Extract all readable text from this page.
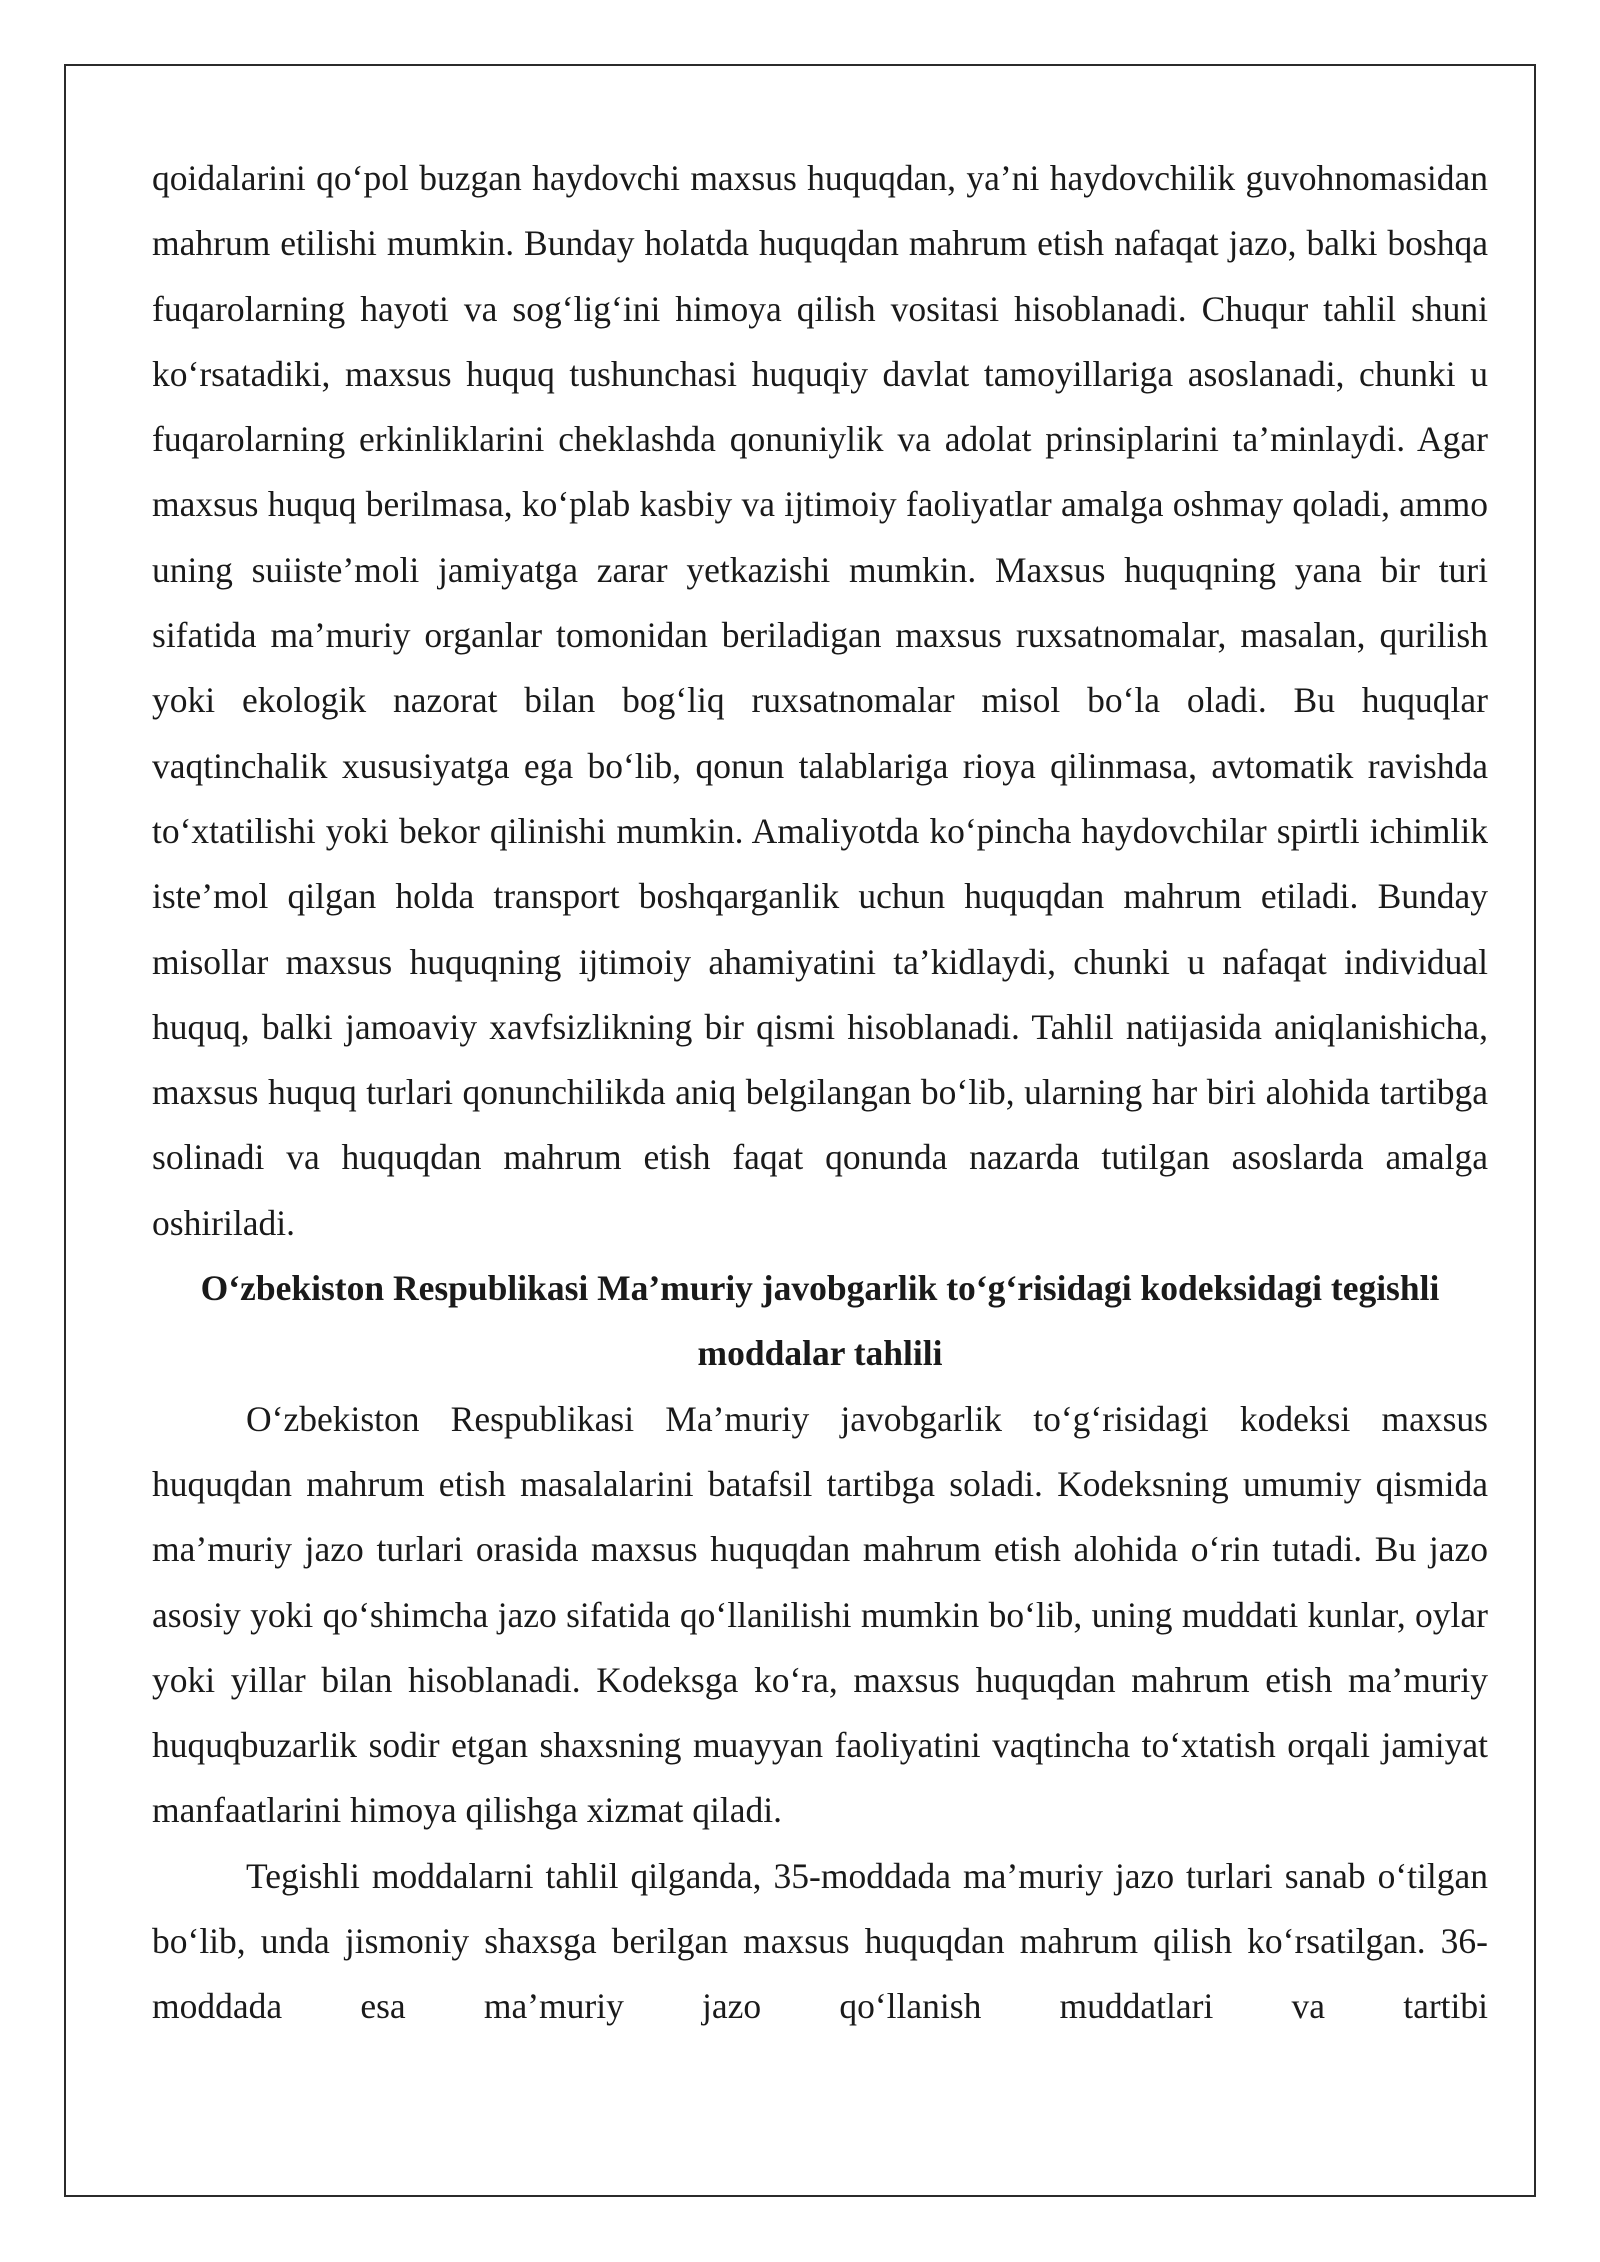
qoidalarini qo‘pol buzgan haydovchi maxsus huquqdan, ya’ni haydovchilik guvohnomasidan mahrum etilishi mumkin. Bunday holatda huquqdan mahrum etish nafaqat jazo, balki boshqa fuqarolarning hayoti va sog‘lig‘ini himoya qilish vositasi hisoblanadi. Chuqur tahlil shuni ko‘rsatadiki, maxsus huquq tushunchasi huquqiy davlat tamoyillariga asoslanadi, chunki u fuqarolarning erkinliklarini cheklashda qonuniylik va adolat prinsiplarini ta’minlaydi. Agar maxsus huquq berilmasa, ko‘plab kasbiy va ijtimoiy faoliyatlar amalga oshmay qoladi, ammo uning suiiste’moli jamiyatga zarar yetkazishi mumkin. Maxsus huquqning yana bir turi sifatida ma’muriy organlar tomonidan beriladigan maxsus ruxsatnomalar, masalan, qurilish yoki ekologik nazorat bilan bog‘liq ruxsatnomalar misol bo‘la oladi. Bu huquqlar vaqtinchalik xususiyatga ega bo‘lib, qonun talablariga rioya qilinmasa, avtomatik ravishda to‘xtatilishi yoki bekor qilinishi mumkin. Amaliyotda ko‘pincha haydovchilar spirtli ichimlik iste’mol qilgan holda transport boshqarganlik uchun huquqdan mahrum etiladi. Bunday misollar maxsus huquqning ijtimoiy ahamiyatini ta’kidlaydi, chunki u nafaqat individual huquq, balki jamoaviy xavfsizlikning bir qismi hisoblanadi. Tahlil natijasida aniqlanishicha, maxsus huquq turlari qonunchilikda aniq belgilangan bo‘lib, ularning har biri alohida tartibga solinadi va huquqdan mahrum etish faqat qonunda nazarda tutilgan asoslarda amalga oshiriladi.

O‘zbekiston Respublikasi Ma’muriy javobgarlik to‘g‘risidagi kodeksidagi tegishli moddalar tahlili

O‘zbekiston Respublikasi Ma’muriy javobgarlik to‘g‘risidagi kodeksi maxsus huquqdan mahrum etish masalalarini batafsil tartibga soladi. Kodeksning umumiy qismida ma’muriy jazo turlari orasida maxsus huquqdan mahrum etish alohida o‘rin tutadi. Bu jazo asosiy yoki qo‘shimcha jazo sifatida qo‘llanilishi mumkin bo‘lib, uning muddati kunlar, oylar yoki yillar bilan hisoblanadi. Kodeksga ko‘ra, maxsus huquqdan mahrum etish ma’muriy huquqbuzarlik sodir etgan shaxsning muayyan faoliyatini vaqtincha to‘xtatish orqali jamiyat manfaatlarini himoya qilishga xizmat qiladi.

Tegishli moddalarni tahlil qilganda, 35-moddada ma’muriy jazo turlari sanab o‘tilgan bo‘lib, unda jismoniy shaxsga berilgan maxsus huquqdan mahrum qilish ko‘rsatilgan. 36-moddada esa ma’muriy jazo qo‘llanish muddatlari va tartibi
